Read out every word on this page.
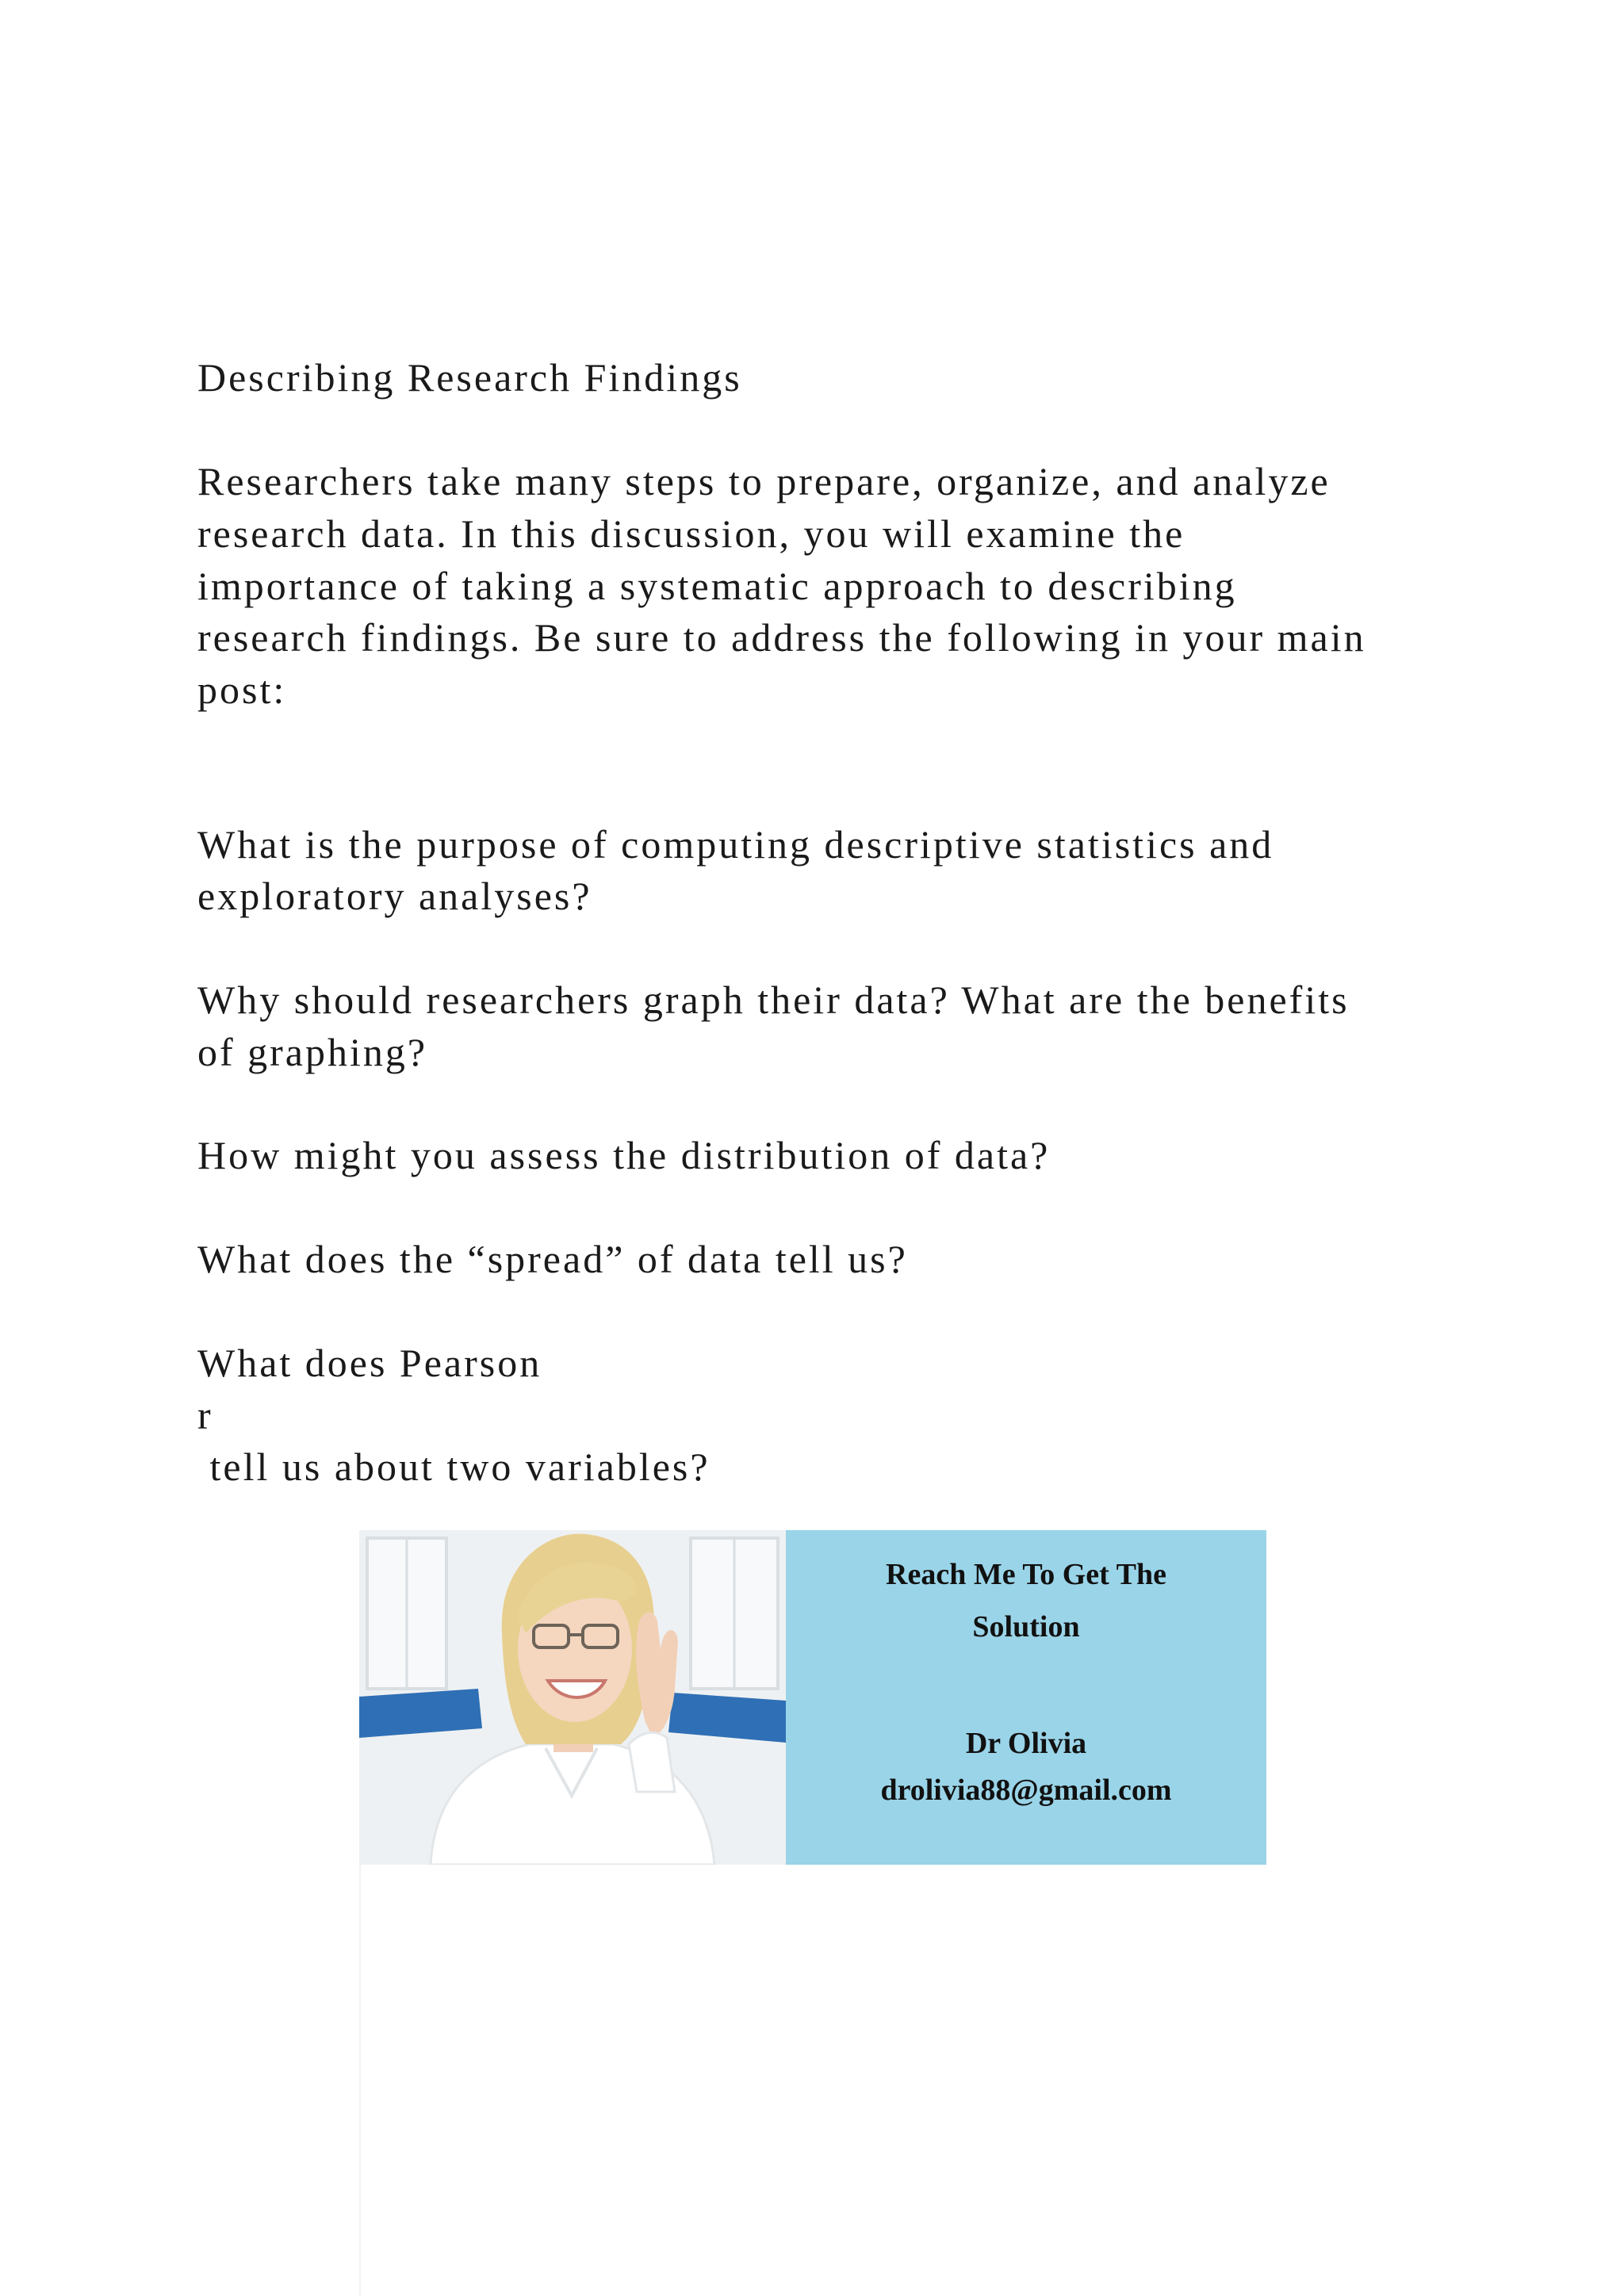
Describing Research Findings

Researchers take many steps to prepare, organize, and analyze

research data. In this discussion, you will examine the

importance of taking a systematic approach to describing

research findings. Be sure to address the following in your main

post:

What is the purpose of computing descriptive statistics and

exploratory analyses?

Why should researchers graph their data? What are the benefits

of graphing?

How might you assess the distribution of data?

What does the “spread” of data tell us?

What does Pearson

r

tell us about two variables?

Reach Me To Get The
Solution
Dr Olivia
drolivia88@gmail.com
